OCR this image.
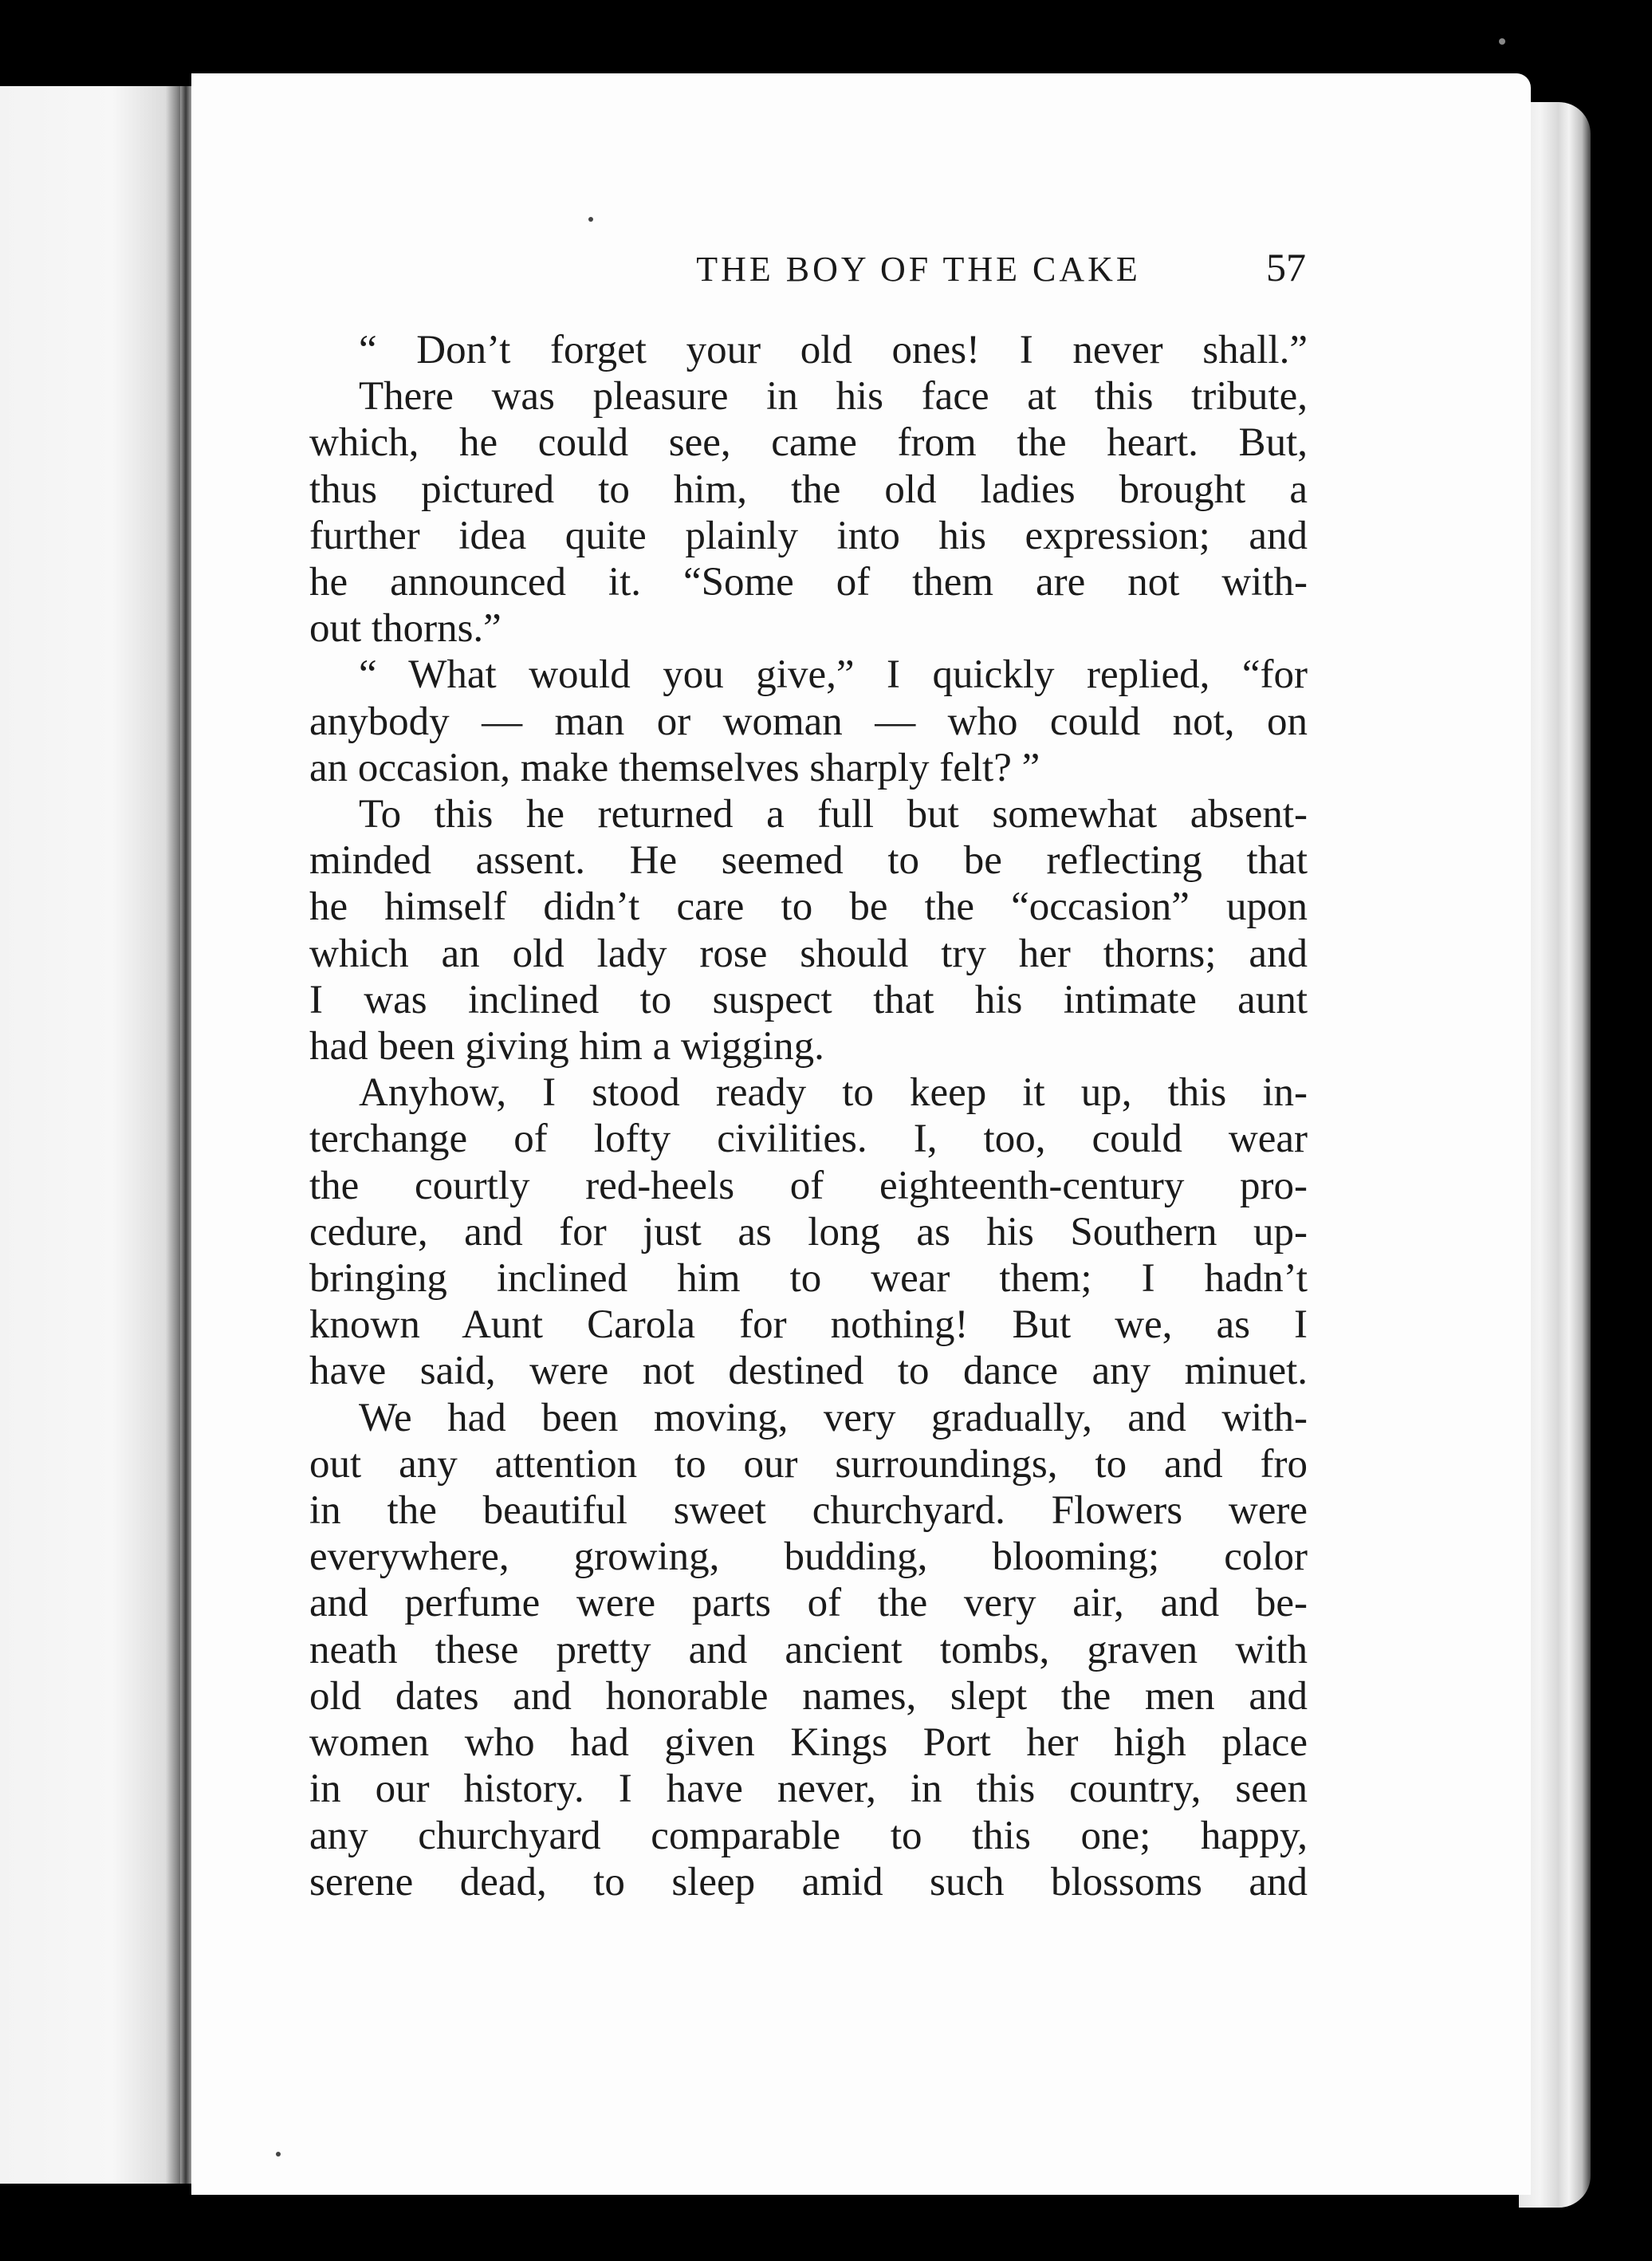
THE BOY OF THE CAKE	57
“ Don’t forget your old ones! I never shall.”
There was pleasure in his face at this tribute,
which, he could see, came from the heart. But,
thus pictured to him, the old ladies brought a
further idea quite plainly into his expression; and
he announced it. “Some of them are not with-
out thorns.”
“ What would you give,” I quickly replied, “for
anybody — man or woman — who could not, on
an occasion, make themselves sharply felt? ”
To this he returned a full but somewhat absent-
minded assent. He seemed to be reflecting that
he himself didn’t care to be the “occasion” upon
which an old lady rose should try her thorns; and
I was inclined to suspect that his intimate aunt
had been giving him a wigging.
Anyhow, I stood ready to keep it up, this in-
terchange of lofty civilities. I, too, could wear
the courtly red-heels of eighteenth-century pro-
cedure, and for just as long as his Southern up-
bringing inclined him to wear them; I hadn’t
known Aunt Carola for nothing! But we, as I
have said, were not destined to dance any minuet.
We had been moving, very gradually, and with-
out any attention to our surroundings, to and fro
in the beautiful sweet churchyard. Flowers were
everywhere, growing, budding, blooming; color
and perfume were parts of the very air, and be-
neath these pretty and ancient tombs, graven with
old dates and honorable names, slept the men and
women who had given Kings Port her high place
in our history. I have never, in this country, seen
any churchyard comparable to this one; happy,
serene dead, to sleep amid such blossoms and
